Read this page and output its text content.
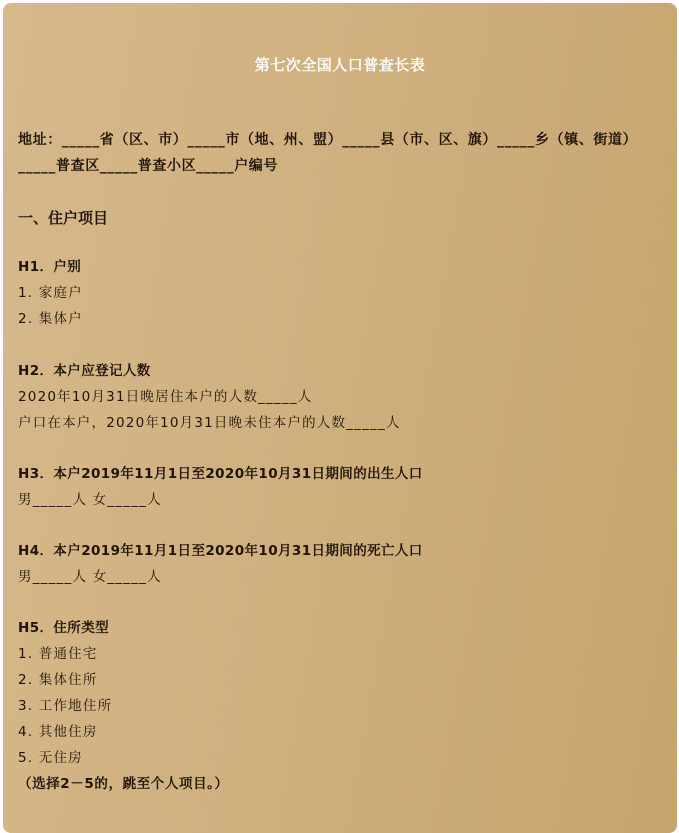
第七次全国人口普查长表
地址：_____省（区、市）_____市（地、州、盟）_____县（市、区、旗）_____乡（镇、街道）_____普查区_____普查小区_____户编号
一、住户项目
H1．户别
1. 家庭户
2. 集体户
H2．本户应登记人数
2020年10月31日晚居住本户的人数_____人
户口在本户，2020年10月31日晚未住本户的人数_____人
H3．本户2019年11月1日至2020年10月31日期间的出生人口
男_____人 女_____人
H4．本户2019年11月1日至2020年10月31日期间的死亡人口
男_____人 女_____人
H5．住所类型
1. 普通住宅
2. 集体住所
3. 工作地住所
4. 其他住房
5. 无住房
（选择2－5的，跳至个人项目。）
